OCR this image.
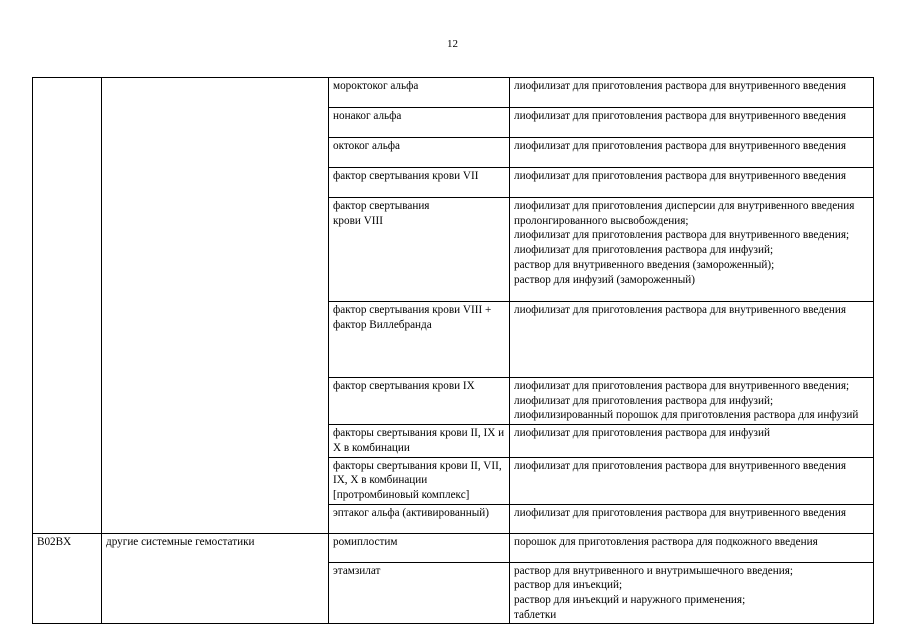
12
		мороктоког альфа	лиофилизат для приготовления раствора для внутривенного введения

		нонаког альфа	лиофилизат для приготовления раствора для внутривенного введения

		октоког альфа	лиофилизат для приготовления раствора для внутривенного введения

		фактор свертывания крови VII	лиофилизат для приготовления раствора для внутривенного введения

		фактор свертывания крови VIII	лиофилизат для приготовления дисперсии для внутривенного введения пролонгированного высвобождения;
лиофилизат для приготовления раствора для внутривенного введения;
лиофилизат для приготовления раствора для инфузий;
раствор для внутривенного введения (замороженный);
раствор для инфузий (замороженный)

		фактор свертывания крови VIII + фактор Виллебранда	лиофилизат для приготовления раствора для внутривенного введения

		фактор свертывания крови IX	лиофилизат для приготовления раствора для внутривенного введения;
лиофилизат для приготовления раствора для инфузий;
лиофилизированный порошок для приготовления раствора для инфузий

		факторы свертывания крови II, IX и X в комбинации	лиофилизат для приготовления раствора для инфузий

		факторы свертывания крови II, VII, IX, X в комбинации [протромбиновый комплекс]	лиофилизат для приготовления раствора для внутривенного введения

		эптаког альфа (активированный)	лиофилизат для приготовления раствора для внутривенного введения

B02BX	другие системные гемостатики	ромиплостим	порошок для приготовления раствора для подкожного введения

		этамзилат	раствор для внутривенного и внутримышечного введения;
раствор для инъекций;
раствор для инъекций и наружного применения;
таблетки
